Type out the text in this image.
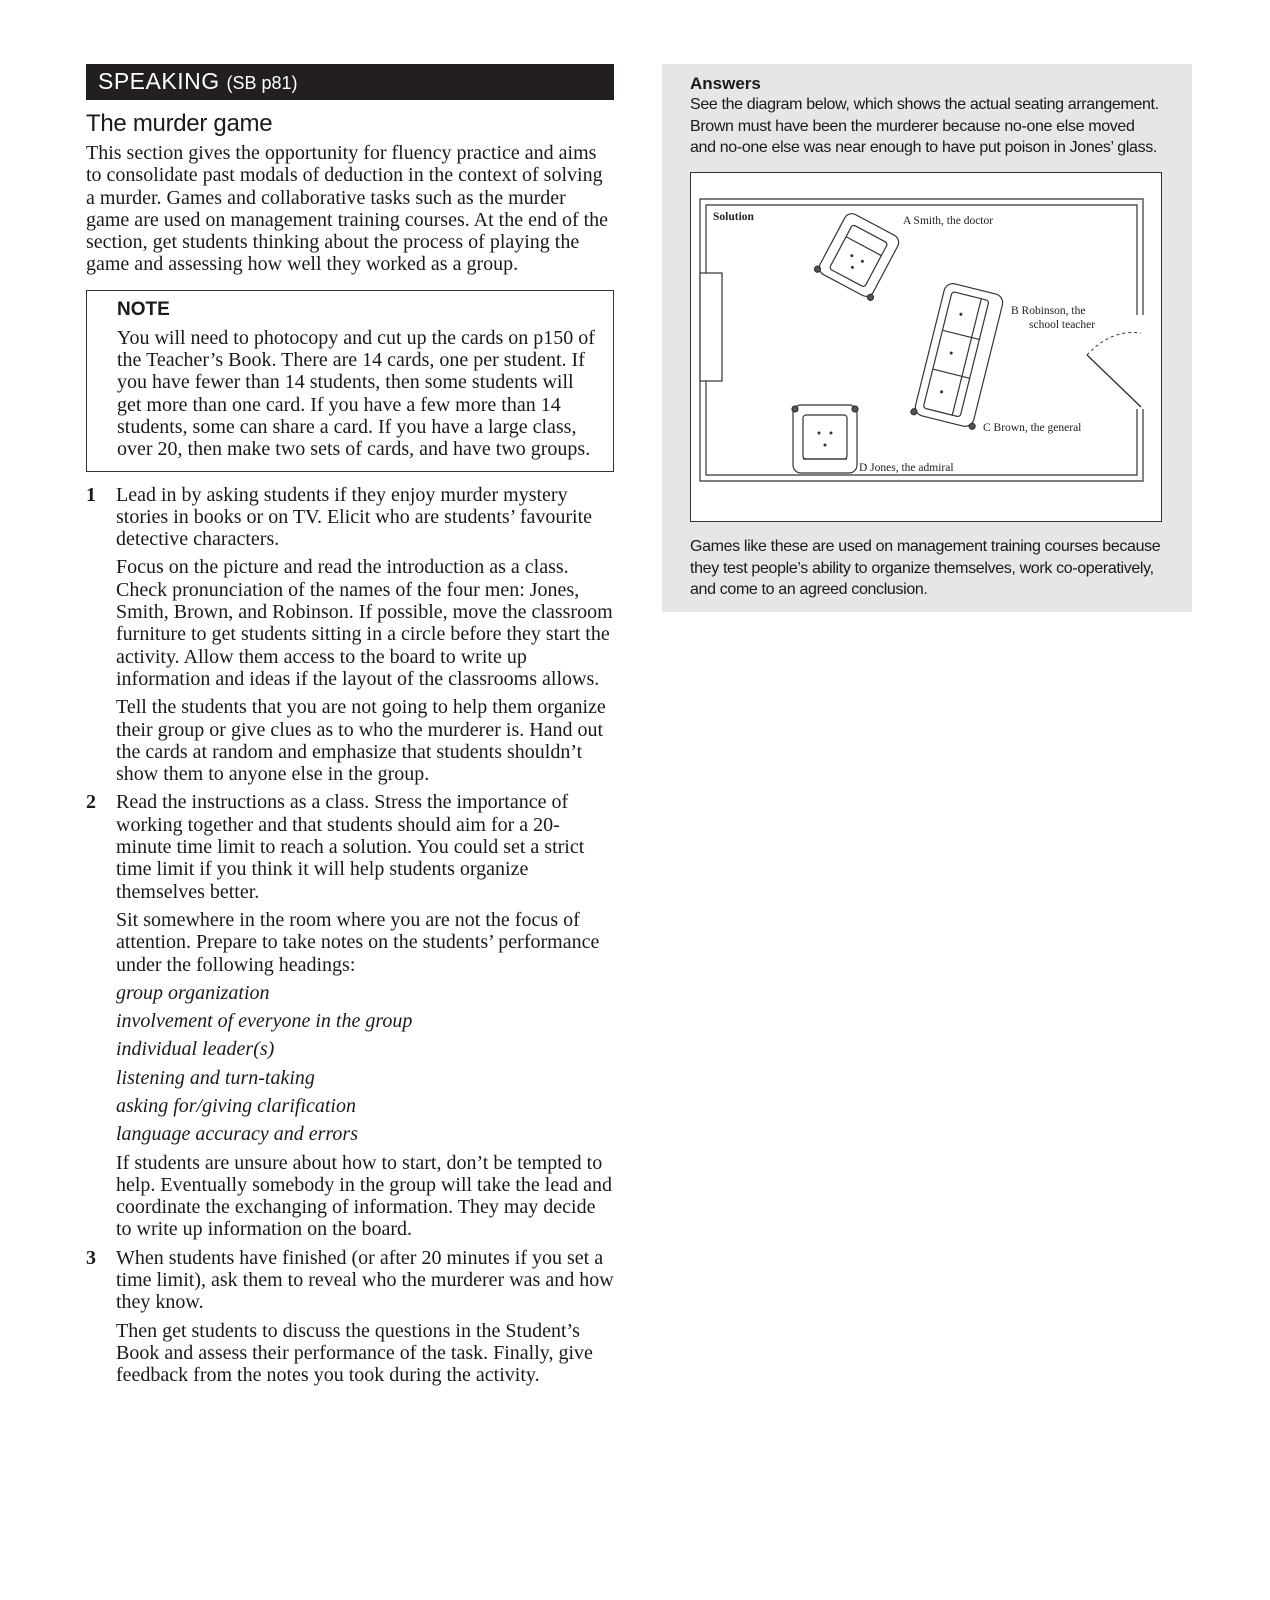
SPEAKING (SB p81)
The murder game

This section gives the opportunity for fluency practice and aims to consolidate past modals of deduction in the context of solving a murder. Games and collaborative tasks such as the murder game are used on management training courses. At the end of the section, get students thinking about the process of playing the game and assessing how well they worked as a group.

NOTE

You will need to photocopy and cut up the cards on p150 of the Teacher’s Book. There are 14 cards, one per student. If you have fewer than 14 students, then some students will get more than one card. If you have a few more than 14 students, some can share a card. If you have a large class, over 20, then make two sets of cards, and have two groups.

1 Lead in by asking students if they enjoy murder mystery stories in books or on TV. Elicit who are students’ favourite detective characters.

Focus on the picture and read the introduction as a class. Check pronunciation of the names of the four men: Jones, Smith, Brown, and Robinson. If possible, move the classroom furniture to get students sitting in a circle before they start the activity. Allow them access to the board to write up information and ideas if the layout of the classrooms allows.

Tell the students that you are not going to help them organize their group or give clues as to who the murderer is. Hand out the cards at random and emphasize that students shouldn’t show them to anyone else in the group.

2 Read the instructions as a class. Stress the importance of working together and that students should aim for a 20-minute time limit to reach a solution. You could set a strict time limit if you think it will help students organize themselves better.

Sit somewhere in the room where you are not the focus of attention. Prepare to take notes on the students’ performance under the following headings:

group organization

involvement of everyone in the group

individual leader(s)

listening and turn-taking

asking for/giving clarification

language accuracy and errors

If students are unsure about how to start, don’t be tempted to help. Eventually somebody in the group will take the lead and coordinate the exchanging of information. They may decide to write up information on the board.

3 When students have finished (or after 20 minutes if you set a time limit), ask them to reveal who the murderer was and how they know.

Then get students to discuss the questions in the Student’s Book and assess their performance of the task. Finally, give feedback from the notes you took during the activity.

Answers

See the diagram below, which shows the actual seating arrangement. Brown must have been the murderer because no-one else moved and no-one else was near enough to have put poison in Jones’ glass.

Solution	A Smith, the doctor
B Robinson, the
school teacher
C Brown, the general
D Jones, the admiral

Games like these are used on management training courses because they test people’s ability to organize themselves, work co-operatively, and come to an agreed conclusion.
